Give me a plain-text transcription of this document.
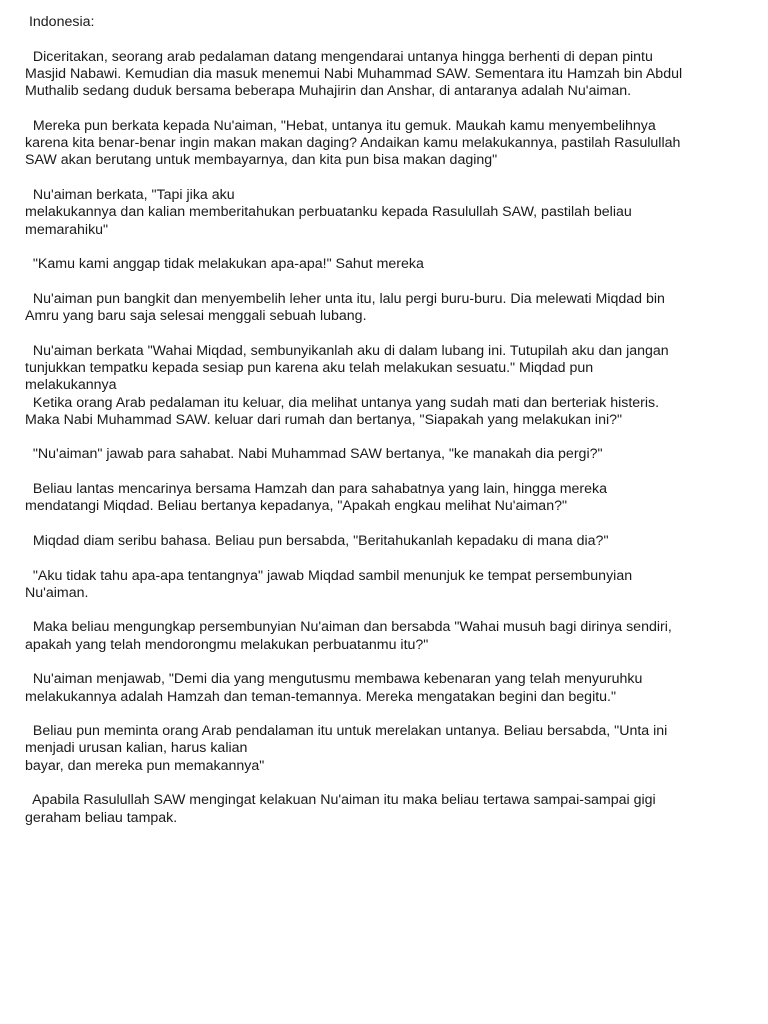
Indonesia:
Diceritakan, seorang arab pedalaman datang mengendarai untanya hingga berhenti di depan pintu
Masjid Nabawi. Kemudian dia masuk menemui Nabi Muhammad SAW. Sementara itu Hamzah bin Abdul
Muthalib sedang duduk bersama beberapa Muhajirin dan Anshar, di antaranya adalah Nu'aiman.
Mereka pun berkata kepada Nu'aiman, "Hebat, untanya itu gemuk. Maukah kamu menyembelihnya
karena kita benar-benar ingin makan makan daging? Andaikan kamu melakukannya, pastilah Rasulullah
SAW akan berutang untuk membayarnya, dan kita pun bisa makan daging"
Nu'aiman berkata, "Tapi jika aku
melakukannya dan kalian memberitahukan perbuatanku kepada Rasulullah SAW, pastilah beliau
memarahiku"
"Kamu kami anggap tidak melakukan apa-apa!" Sahut mereka
Nu'aiman pun bangkit dan menyembelih leher unta itu, lalu pergi buru-buru. Dia melewati Miqdad bin
Amru yang baru saja selesai menggali sebuah lubang.
Nu'aiman berkata "Wahai Miqdad, sembunyikanlah aku di dalam lubang ini. Tutupilah aku dan jangan
tunjukkan tempatku kepada sesiap pun karena aku telah melakukan sesuatu." Miqdad pun
melakukannya
Ketika orang Arab pedalaman itu keluar, dia melihat untanya yang sudah mati dan berteriak histeris.
Maka Nabi Muhammad SAW. keluar dari rumah dan bertanya, "Siapakah yang melakukan ini?"
"Nu'aiman" jawab para sahabat. Nabi Muhammad SAW bertanya, "ke manakah dia pergi?"
Beliau lantas mencarinya bersama Hamzah dan para sahabatnya yang lain, hingga mereka
mendatangi Miqdad. Beliau bertanya kepadanya, "Apakah engkau melihat Nu'aiman?"
Miqdad diam seribu bahasa. Beliau pun bersabda, "Beritahukanlah kepadaku di mana dia?"
"Aku tidak tahu apa-apa tentangnya" jawab Miqdad sambil menunjuk ke tempat persembunyian
Nu'aiman.
Maka beliau mengungkap persembunyian Nu'aiman dan bersabda "Wahai musuh bagi dirinya sendiri,
apakah yang telah mendorongmu melakukan perbuatanmu itu?"
Nu'aiman menjawab, "Demi dia yang mengutusmu membawa kebenaran yang telah menyuruhku
melakukannya adalah Hamzah dan teman-temannya. Mereka mengatakan begini dan begitu."
Beliau pun meminta orang Arab pendalaman itu untuk merelakan untanya. Beliau bersabda, "Unta ini
menjadi urusan kalian, harus kalian
bayar, dan mereka pun memakannya"
Apabila Rasulullah SAW mengingat kelakuan Nu'aiman itu maka beliau tertawa sampai-sampai gigi
geraham beliau tampak.
